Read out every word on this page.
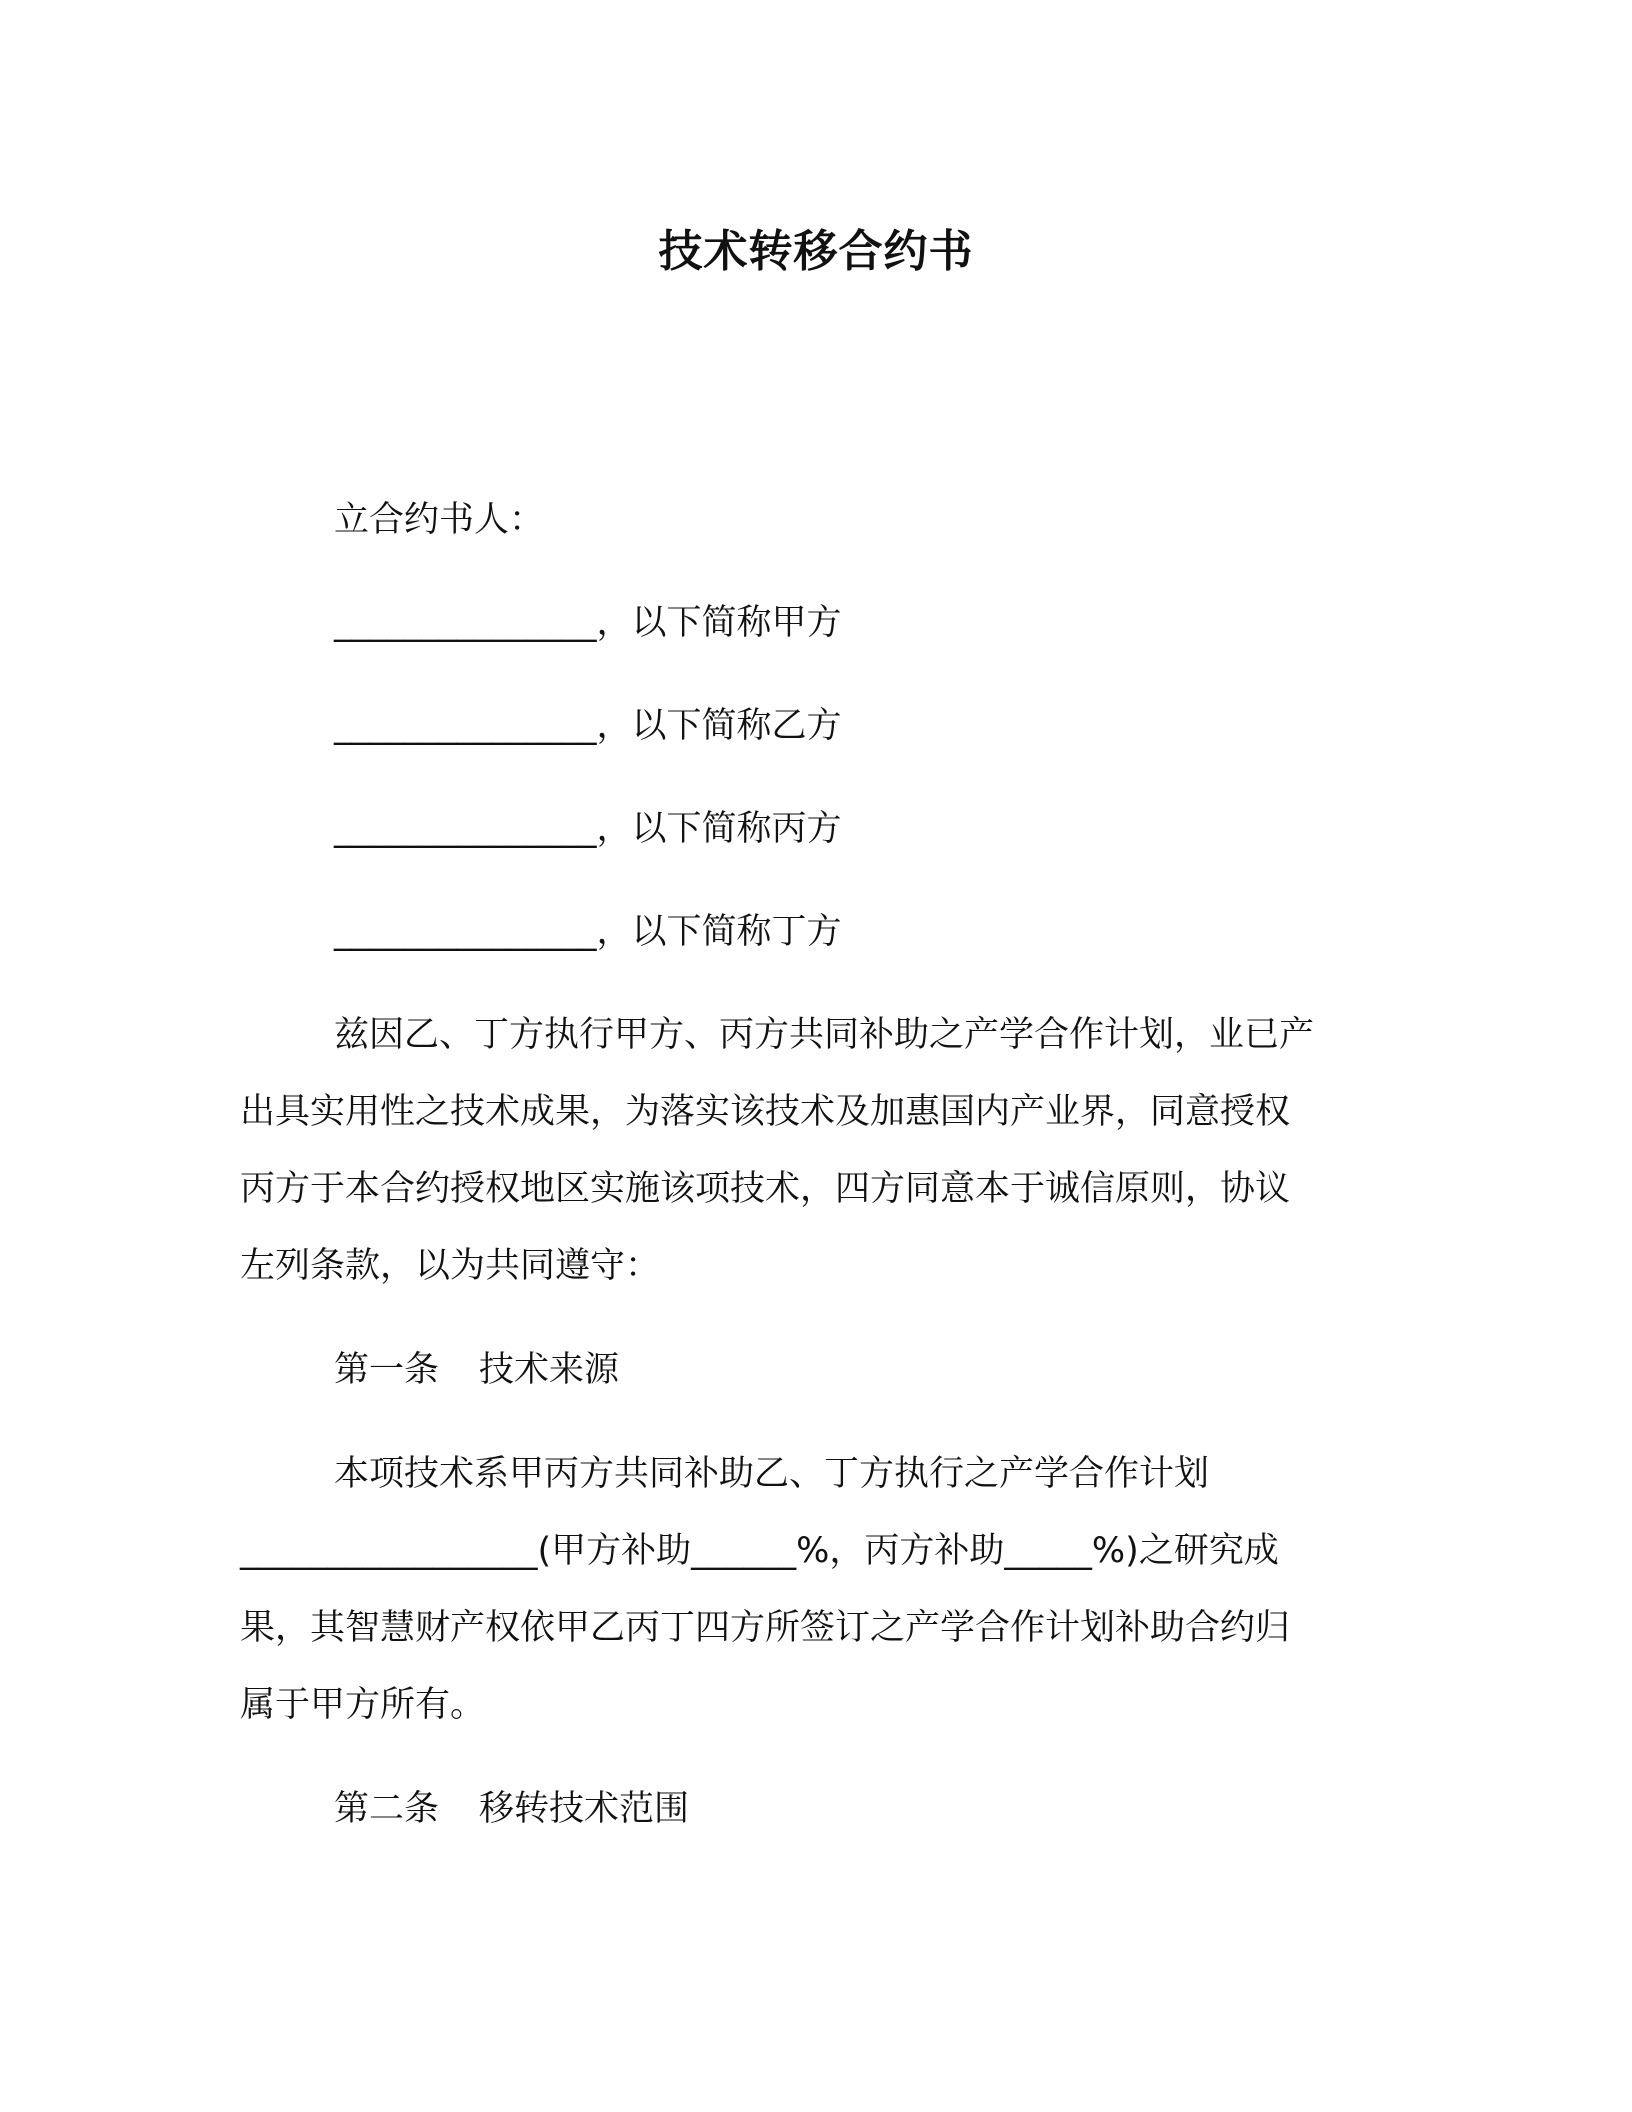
技术转移合约书
立合约书人：
_______________，以下简称甲方
_______________，以下简称乙方
_______________，以下简称丙方
_______________，以下简称丁方
兹因乙、丁方执行甲方、丙方共同补助之产学合作计划，业已产
出具实用性之技术成果，为落实该技术及加惠国内产业界，同意授权
丙方于本合约授权地区实施该项技术，四方同意本于诚信原则，协议
左列条款，以为共同遵守：
第一条 技术来源
本项技术系甲丙方共同补助乙、丁方执行之产学合作计划
_________________(甲方补助______%，丙方补助_____%)之研究成
果，其智慧财产权依甲乙丙丁四方所签订之产学合作计划补助合约归
属于甲方所有。
第二条 移转技术范围
